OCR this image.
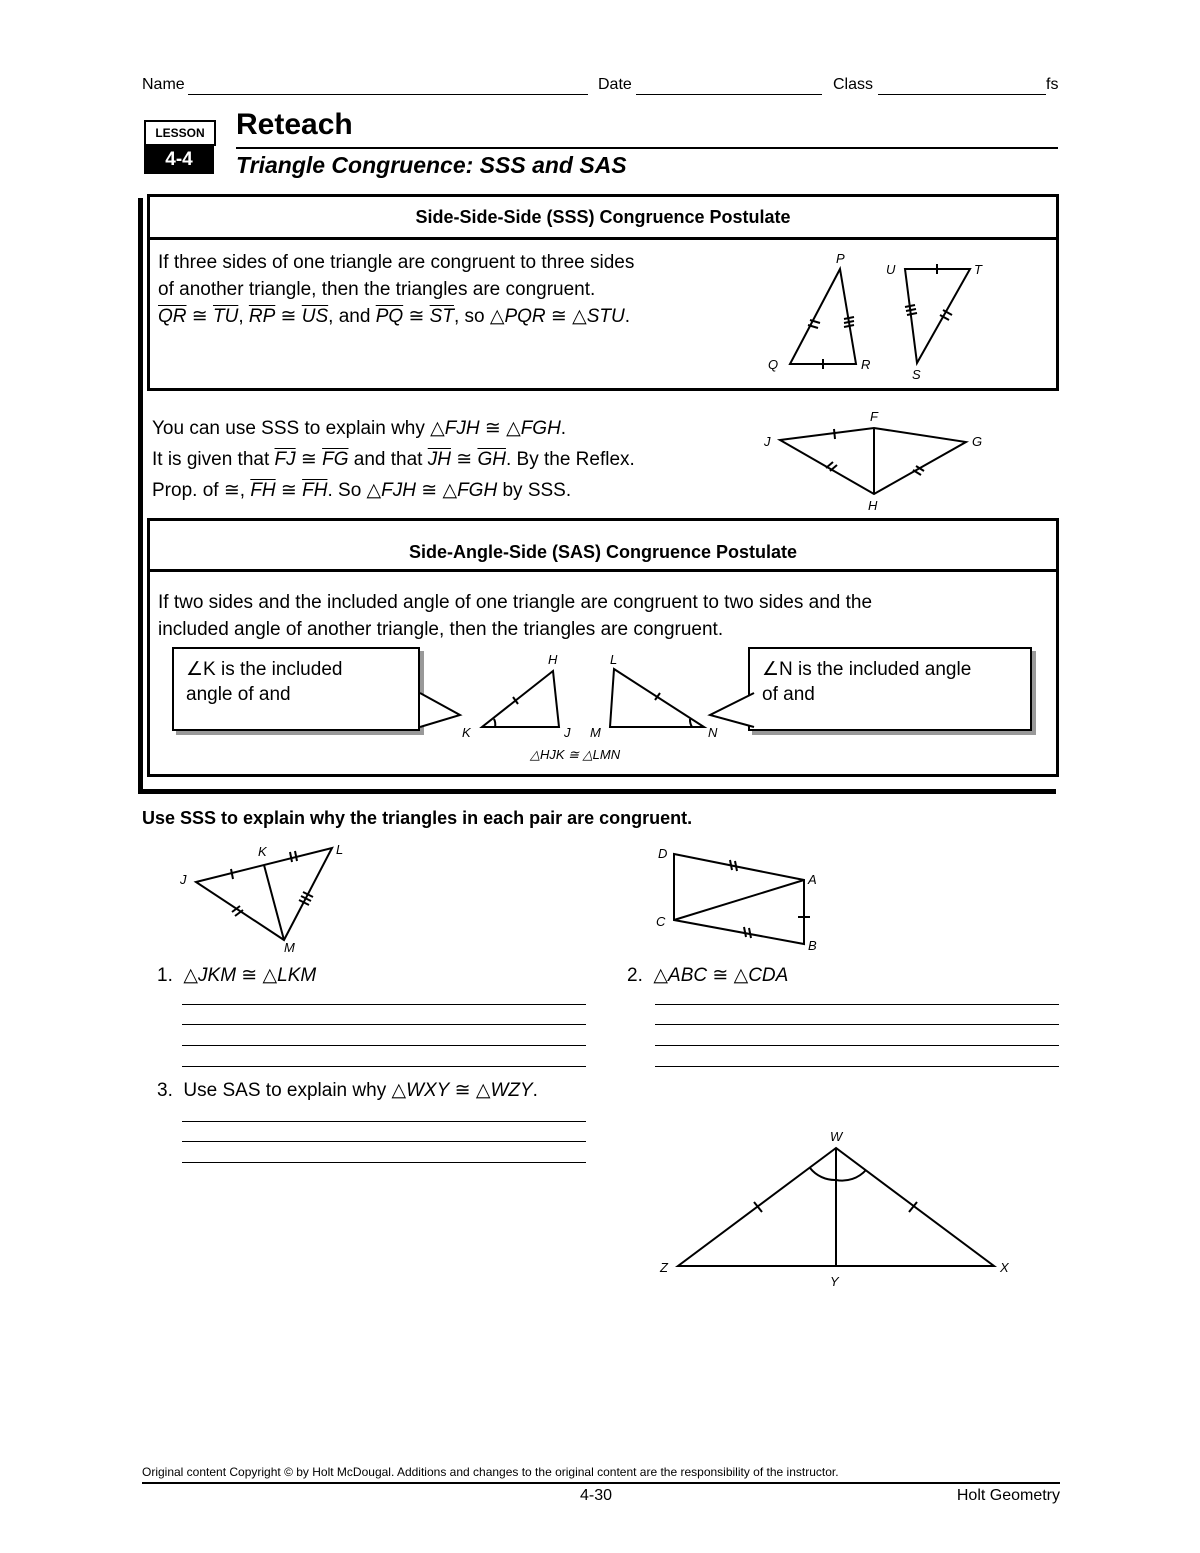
Name	Date	Class	fs
LESSON
4-4
Reteach
Triangle Congruence: SSS and SAS
Side-Side-Side (SSS) Congruence Postulate
If three sides of one triangle are congruent to three sides
of another triangle, then the triangles are congruent.
$\overline{QR}$ ≅ $\overline{TU}$, $\overline{RP}$ ≅ $\overline{US}$, and $\overline{PQ}$ ≅ $\overline{ST}$, so △PQR ≅ △STU.
P
Q	R
U	T
S
You can use SSS to explain why △FJH ≅ △FGH.
It is given that $\overline{FJ}$ ≅ $\overline{FG}$ and that $\overline{JH}$ ≅ $\overline{GH}$. By the Reflex.
Prop. of ≅, $\overline{FH}$ ≅ $\overline{FH}$. So △FJH ≅ △FGH by SSS.
F
J	G
H
Side-Angle-Side (SAS) Congruence Postulate
If two sides and the included angle of one triangle are congruent to two sides and the
included angle of another triangle, then the triangles are congruent.
∠K is the included
angle of and
∠N is the included angle
of and
H
K	J
L
M	N
△HJK ≅ △LMN
Use SSS to explain why the triangles in each pair are congruent.
K	L
J
M
D
A
C
B
1.  △JKM ≅ △LKM	2.  △ABC ≅ △CDA
3. Use SAS to explain why △WXY ≅ △WZY.
W
Z
Y
X
Original content Copyright © by Holt McDougal. Additions and changes to the original content are the responsibility of the instructor.
4-30	Holt Geometry
